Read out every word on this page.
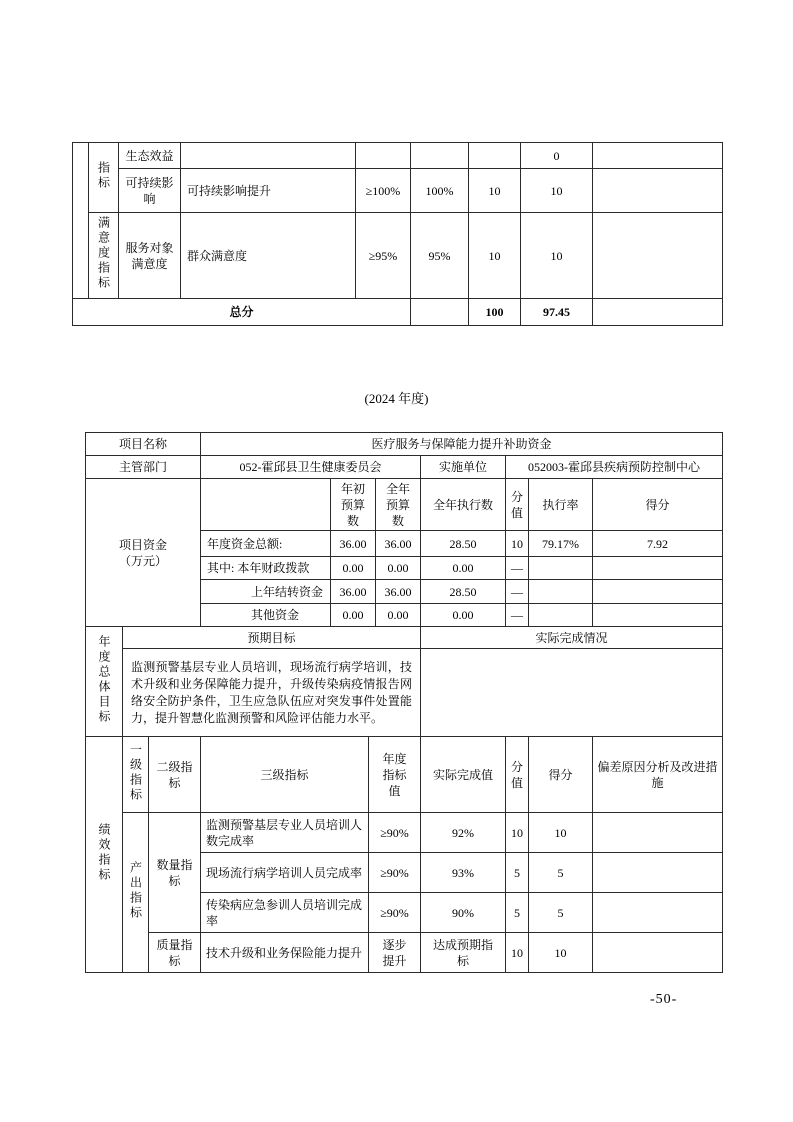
	指标	生态效益					0	
		可持续影响	可持续影响提升	≥100%	100%	10	10	
	满意度指标	服务对象满意度	群众满意度	≥95%	95%	10	10	
总分						100	97.45	
(2024 年度)
项目名称	医疗服务与保障能力提升补助资金		
主管部门	052-霍邱县卫生健康委员会	实施单位	052003-霍邱县疾病预防控制中心
项目资金
（万元）		年初预算数	全年预算数	全年执行数	分值	执行率	得分
	年度资金总额:	36.00	36.00	28.50	10	79.17%	7.92
	其中: 本年财政拨款	0.00	0.00	0.00	—		
	上年结转资金	36.00	36.00	28.50	—		
	其他资金	0.00	0.00	0.00	—		
年度总体目标	预期目标	实际完成情况
	监测预警基层专业人员培训，现场流行病学培训，技术升级和业务保障能力提升，升级传染病疫情报告网络安全防护条件，卫生应急队伍应对突发事件处置能力，提升智慧化监测预警和风险评估能力水平。	
绩效指标	一级指标	二级指标	三级指标	年度指标值	实际完成值	分值	得分	偏差原因分析及改进措施
	产出指标	数量指标	监测预警基层专业人员培训人数完成率	≥90%	92%	10	10	
			现场流行病学培训人员完成率	≥90%	93%	5	5	
			传染病应急参训人员培训完成率	≥90%	90%	5	5	
		质量指标	技术升级和业务保险能力提升	逐步提升	达成预期指标	10	10	
-50-
